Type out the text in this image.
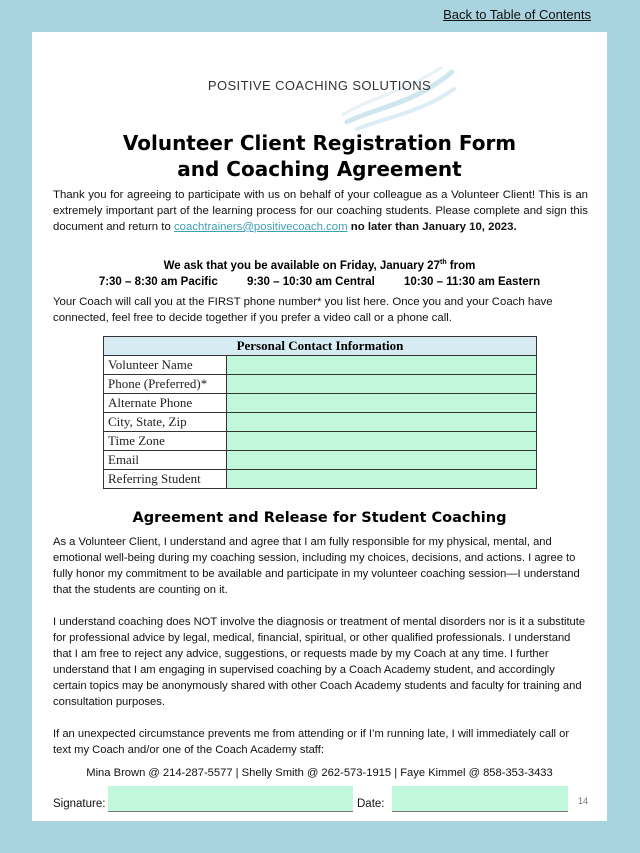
Back to Table of Contents
POSITIVE COACHING SOLUTIONS
Volunteer Client Registration Form
and Coaching Agreement
Thank you for agreeing to participate with us on behalf of your colleague as a Volunteer Client! This is an extremely important part of the learning process for our coaching students. Please complete and sign this document and return to coachtrainers@positivecoach.com no later than January 10, 2023.
We ask that you be available on Friday, January 27th from
7:30 – 8:30 am Pacific	9:30 – 10:30 am Central	10:30 – 11:30 am Eastern
Your Coach will call you at the FIRST phone number* you list here. Once you and your Coach have connected, feel free to decide together if you prefer a video call or a phone call.
Personal Contact Information	
Volunteer Name	
Phone (Preferred)*	
Alternate Phone	
City, State, Zip	
Time Zone	
Email	
Referring Student	
Agreement and Release for Student Coaching

As a Volunteer Client, I understand and agree that I am fully responsible for my physical, mental, and emotional well-being during my coaching session, including my choices, decisions, and actions. I agree to fully honor my commitment to be available and participate in my volunteer coaching session—I understand that the students are counting on it.

I understand coaching does NOT involve the diagnosis or treatment of mental disorders nor is it a substitute for professional advice by legal, medical, financial, spiritual, or other qualified professionals. I understand that I am free to reject any advice, suggestions, or requests made by my Coach at any time. I further understand that I am engaging in supervised coaching by a Coach Academy student, and accordingly certain topics may be anonymously shared with other Coach Academy students and faculty for training and consultation purposes.

If an unexpected circumstance prevents me from attending or if I’m running late, I will immediately call or text my Coach and/or one of the Coach Academy staff:

Mina Brown @ 214-287-5577 | Shelly Smith @ 262-573-1915 | Faye Kimmel @ 858-353-3433
Signature:	Date:	14
